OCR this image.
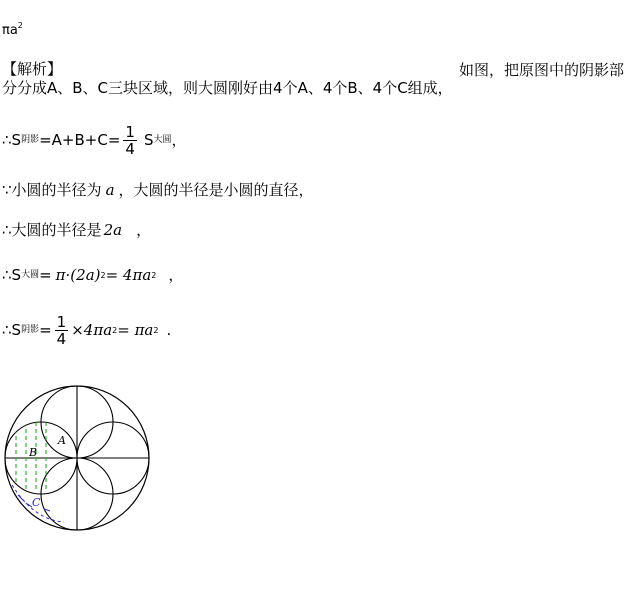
$\pi a^2$
【解析】	如图，把原图中的阴影部
分分成A、B、C三块区域，则大圆刚好由4个A、4个B、4个C组成，
∴ S 阴影 $=A+B+C= \frac{1}{4}$ S 大圆 ，
∵ 小圆的半径为 a ，大圆的半径是小圆的直径，
∴ 大圆的半径是 2a ，
∴ S 大圆 = π·(2a) 2 = 4πa 2 ，
∴ S 阴影 = $\frac{1}{4} \times 4\pi a$ 2 = πa 2 .
A
B
C
